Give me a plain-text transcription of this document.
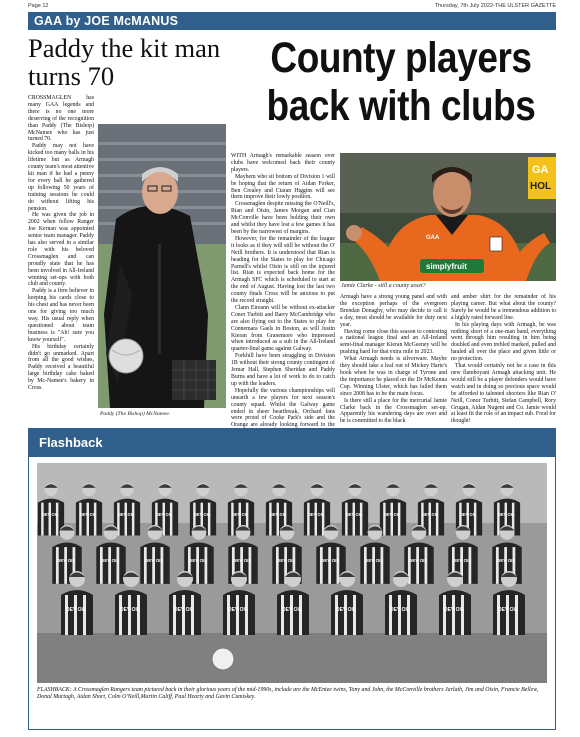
Page 12	Thursday, 7th July 2022-THE ULSTER GAZETTE
GAA by JOE McMANUS
Paddy the kit man turns 70

CROSSMAGLEN has many GAA legends and there is no one more deserving of the recognition than Paddy (The Bishop) McNamee who has just turned 70.

Paddy may not have kicked too many balls in his lifetime but as Armagh county team's most attentive kit man if he had a penny for every ball he gathered up following 50 years of training sessions he could do without lifting his pension.

He was given the job in 2002 when fellow Ranger Joe Kernan was appointed senior team manager. Paddy has also served in a similar role with his beloved Crossmaglen and can proudly state that he has been involved in All-Ireland winning set-ups with both club and county.

Paddy is a firm believer in keeping his cards close to his chest and has never been one for giving too much way. His usual reply when questioned about team business is "Ah! sure you know yourself".

His birthday certainly didn't go unmarked. Apart from all the good wishes, Paddy received a beautiful large birthday cake baked by Mc-Namee's bakery in Cross.

Paddy (The Bishop) McNamee.
County players back with clubs

WITH Armagh's remarkable season over clubs have welcomed back their county players.

Mayhem who sit bottom of Division 1 will be hoping that the return of Aidan Forker, Ben Crealey and Ciaran Higgins will see them improve their lowly position.

Crossmaglen despite missing the O'Neill's, Rian and Oisin, James Morgan and Cian McConville have been holding their own and whilst they have lost a few games it has been by the narrowest of margins.

However, for the remainder of the league it looks as if they will still be without the O' Neill brothers. It is understood that Rian is heading for the States to play for Chicago Parnell's whilst Oisin is still on the injured list. Rian is expected back home for the Armagh SFC which is scheduled to start at the end of August. Having lost the last two county finals Cross will be anxious to put the record straight.

Clann Eireann will be without ex-attacker Conor Turbitt and Barry McCambridge who are also flying out to the States to play for Connemara Gaels in Boston, as will Justin Kieran from Granemore who impressed when introduced as a sub in the All-Ireland quarter-final game against Galway.

Forkhill have been struggling in Division 1B without their strong county contingent of Jemar Hall, Stephen Sheridan and Paddy Burns and have a lot of work to do to catch up with the leaders.

Hopefully the various championships will unearth a few players for next season's county squad. Whilst the Galway game ended in sheer heartbreak, Orchard fans were proud of Cooke Park's side and the Orange are already looking forward to the

GA
HOL
GAA
simplyfruit
Jamie Clarke - still a county asset?

Armagh have a strong young panel and with the exception perhaps of the evergreen Brendan Donaghy, who may decide to call it a day, most should be available for duty next year.

Having come close this season to contesting a national league final and an All-Ireland semi-final manager Kieran McGeeney will be pushing hard for that extra mile in 2023.

What Armagh needs is silverware. Maybe they should take a leaf out of Mickey Harte's book when he was in charge of Tyrone and the importance he placed on the Dr McKenna Cup. Winning Ulster, which has failed them since 2008 has to be the main focus.

Is there still a place for the mercurial Jamie Clarke back in the Crossmaglen set-up. Apparently his wandering days are over and he is committed to the black

and amber shirt for the remainder of his playing career. But what about the county? Surely he would be a tremendous addition to a highly rated forward line.

In his playing days with Armagh, he was nothing short of a one-man band, everything went through him resulting in him being doubled and even trebled marked, pulled and hauled all over the place and given little or no protection.

That would certainly not be a case in this new flamboyant Armagh attacking unit. He would still be a player defenders would have watch and in doing so precious space would be afforded to talented shooters like Rian O' Neill, Conor Turbitt, Stefan Campbell, Rory Grugan, Aidan Nugent and Co. Jamie would at least fit the role of an impact sub. Food for thought!

Flashback
DEV OIL	DEV OIL	DEV OIL	DEV OIL	DEV OIL	DEV OIL	DEV OIL	DEV OIL	DEV OIL	DEV OIL	DEV OIL	DEV OIL	DEV OIL
DEV OIL	DEV OIL	DEV OIL	DEV OIL	DEV OIL	DEV OIL	DEV OIL	DEV OIL	DEV OIL	DEV OIL	DEV OIL
DEV OIL	DEV OIL	DEV OIL	DEV OIL	DEV OIL	DEV OIL	DEV OIL	DEV OIL	DEV OIL
FLASHBACK: A Crossmaglen Rangers team pictured back in their glorious years of the mid-1990s, include are the McEntee twins, Tony and John, the McConville brothers Jarlath, Jim and Oisin, Francie Bellew, Donal Murtagh, Aidan Short, Colm O'Neill,Martin Califf, Paul Hearty and Gavin Cumiskey.
